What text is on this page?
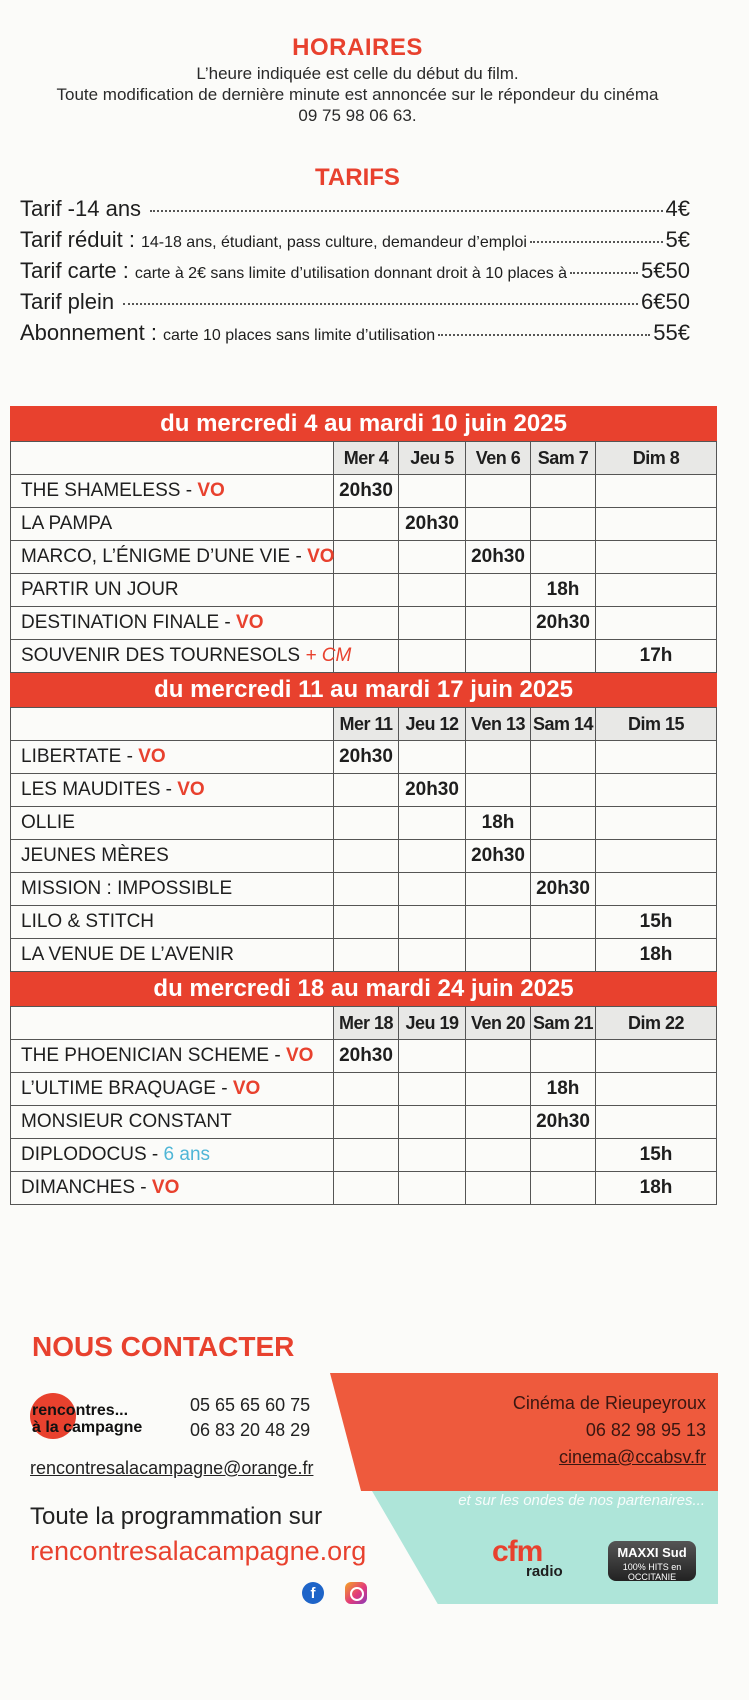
HORAIRES

L’heure indiquée est celle du début du film.

Toute modification de dernière minute est annoncée sur le répondeur du cinéma

09 75 98 06 63.

TARIFS
Tarif -14 ans	4€
Tarif réduit : 14-18 ans, étudiant, pass culture, demandeur d’emploi	5€
Tarif carte : carte à 2€ sans limite d’utilisation donnant droit à 10 places à	5€50
Tarif plein	6€50
Abonnement : carte 10 places sans limite d’utilisation	55€
du mercredi 4 au mardi 10 juin 2025					
	Mer 4	Jeu 5	Ven 6	Sam 7	Dim 8
THE SHAMELESS - VO	20h30				
LA PAMPA		20h30			
MARCO, L’ÉNIGME D’UNE VIE - VO			20h30		
PARTIR UN JOUR				18h	
DESTINATION FINALE - VO				20h30	
SOUVENIR DES TOURNESOLS + CM					17h
du mercredi 11 au mardi 17 juin 2025					
	Mer 11	Jeu 12	Ven 13	Sam 14	Dim 15
LIBERTATE - VO	20h30				
LES MAUDITES - VO		20h30			
OLLIE			18h		
JEUNES MÈRES			20h30		
MISSION : IMPOSSIBLE				20h30	
LILO & STITCH					15h
LA VENUE DE L’AVENIR					18h
du mercredi 18 au mardi 24 juin 2025					
	Mer 18	Jeu 19	Ven 20	Sam 21	Dim 22
THE PHOENICIAN SCHEME - VO	20h30				
L’ULTIME BRAQUAGE - VO				18h	
MONSIEUR CONSTANT				20h30	
DIPLODOCUS - 6 ans					15h
DIMANCHES - VO					18h
NOUS CONTACTER
rencontres...
à la campagne
05 65 65 60 75
06 83 20 48 29
rencontresalacampagne@orange.fr
Toute la programmation sur
rencontresalacampagne.org
f
Cinéma de Rieupeyroux
06 82 98 95 13
cinema@ccabsv.fr
et sur les ondes de nos partenaires...
cfm
radio
MAXXI Sud
100% HITS en OCCITANIE
